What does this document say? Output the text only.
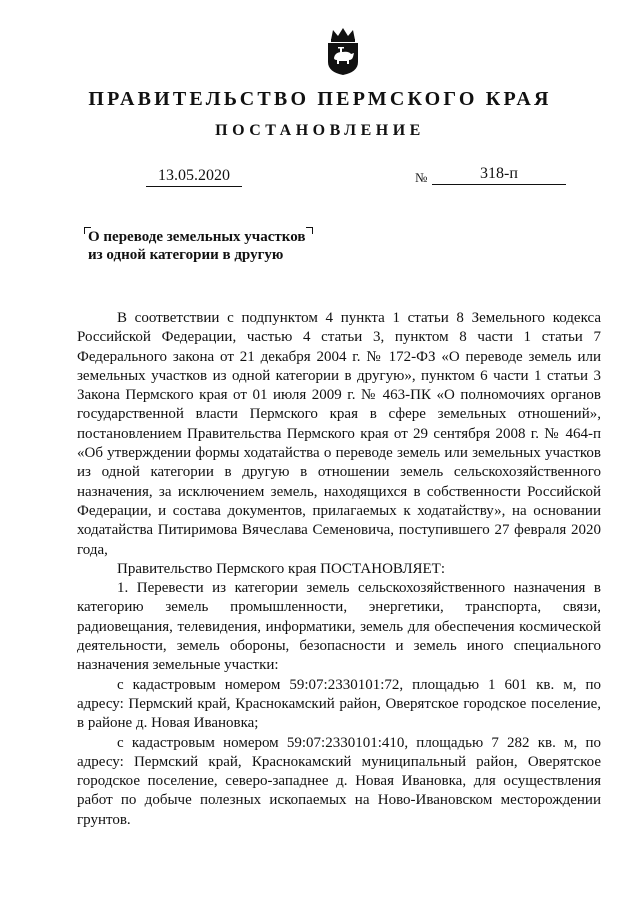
ПРАВИТЕЛЬСТВО ПЕРМСКОГО КРАЯ
ПОСТАНОВЛЕНИЕ
13.05.2020	№	318-п
О переводе земельных участков
из одной категории в другую

В соответствии с подпунктом 4 пункта 1 статьи 8 Земельного кодекса Российской Федерации, частью 4 статьи 3, пунктом 8 части 1 статьи 7 Федерального закона от 21 декабря 2004 г. № 172-ФЗ «О переводе земель или земельных участков из одной категории в другую», пунктом 6 части 1 статьи 3 Закона Пермского края от 01 июля 2009 г. № 463-ПК «О полномочиях органов государственной власти Пермского края в сфере земельных отношений», постановлением Правительства Пермского края от 29 сентября 2008 г. № 464-п «Об утверждении формы ходатайства о переводе земель или земельных участков из одной категории в другую в отношении земель сельскохозяйственного назначения, за исключением земель, находящихся в собственности Российской Федерации, и состава документов, прилагаемых к ходатайству», на основании ходатайства Питиримова Вячеслава Семеновича, поступившего 27 февраля 2020 года,

Правительство Пермского края ПОСТАНОВЛЯЕТ:

1. Перевести из категории земель сельскохозяйственного назначения в категорию земель промышленности, энергетики, транспорта, связи, радиовещания, телевидения, информатики, земель для обеспечения космической деятельности, земель обороны, безопасности и земель иного специального назначения земельные участки:

с кадастровым номером 59:07:2330101:72, площадью 1 601 кв. м, по адресу: Пермский край, Краснокамский район, Оверятское городское поселение, в районе д. Новая Ивановка;

с кадастровым номером 59:07:2330101:410, площадью 7 282 кв. м, по адресу: Пермский край, Краснокамский муниципальный район, Оверятское городское поселение, северо-западнее д. Новая Ивановка, для осуществления работ по добыче полезных ископаемых на Ново-Ивановском месторождении грунтов.
